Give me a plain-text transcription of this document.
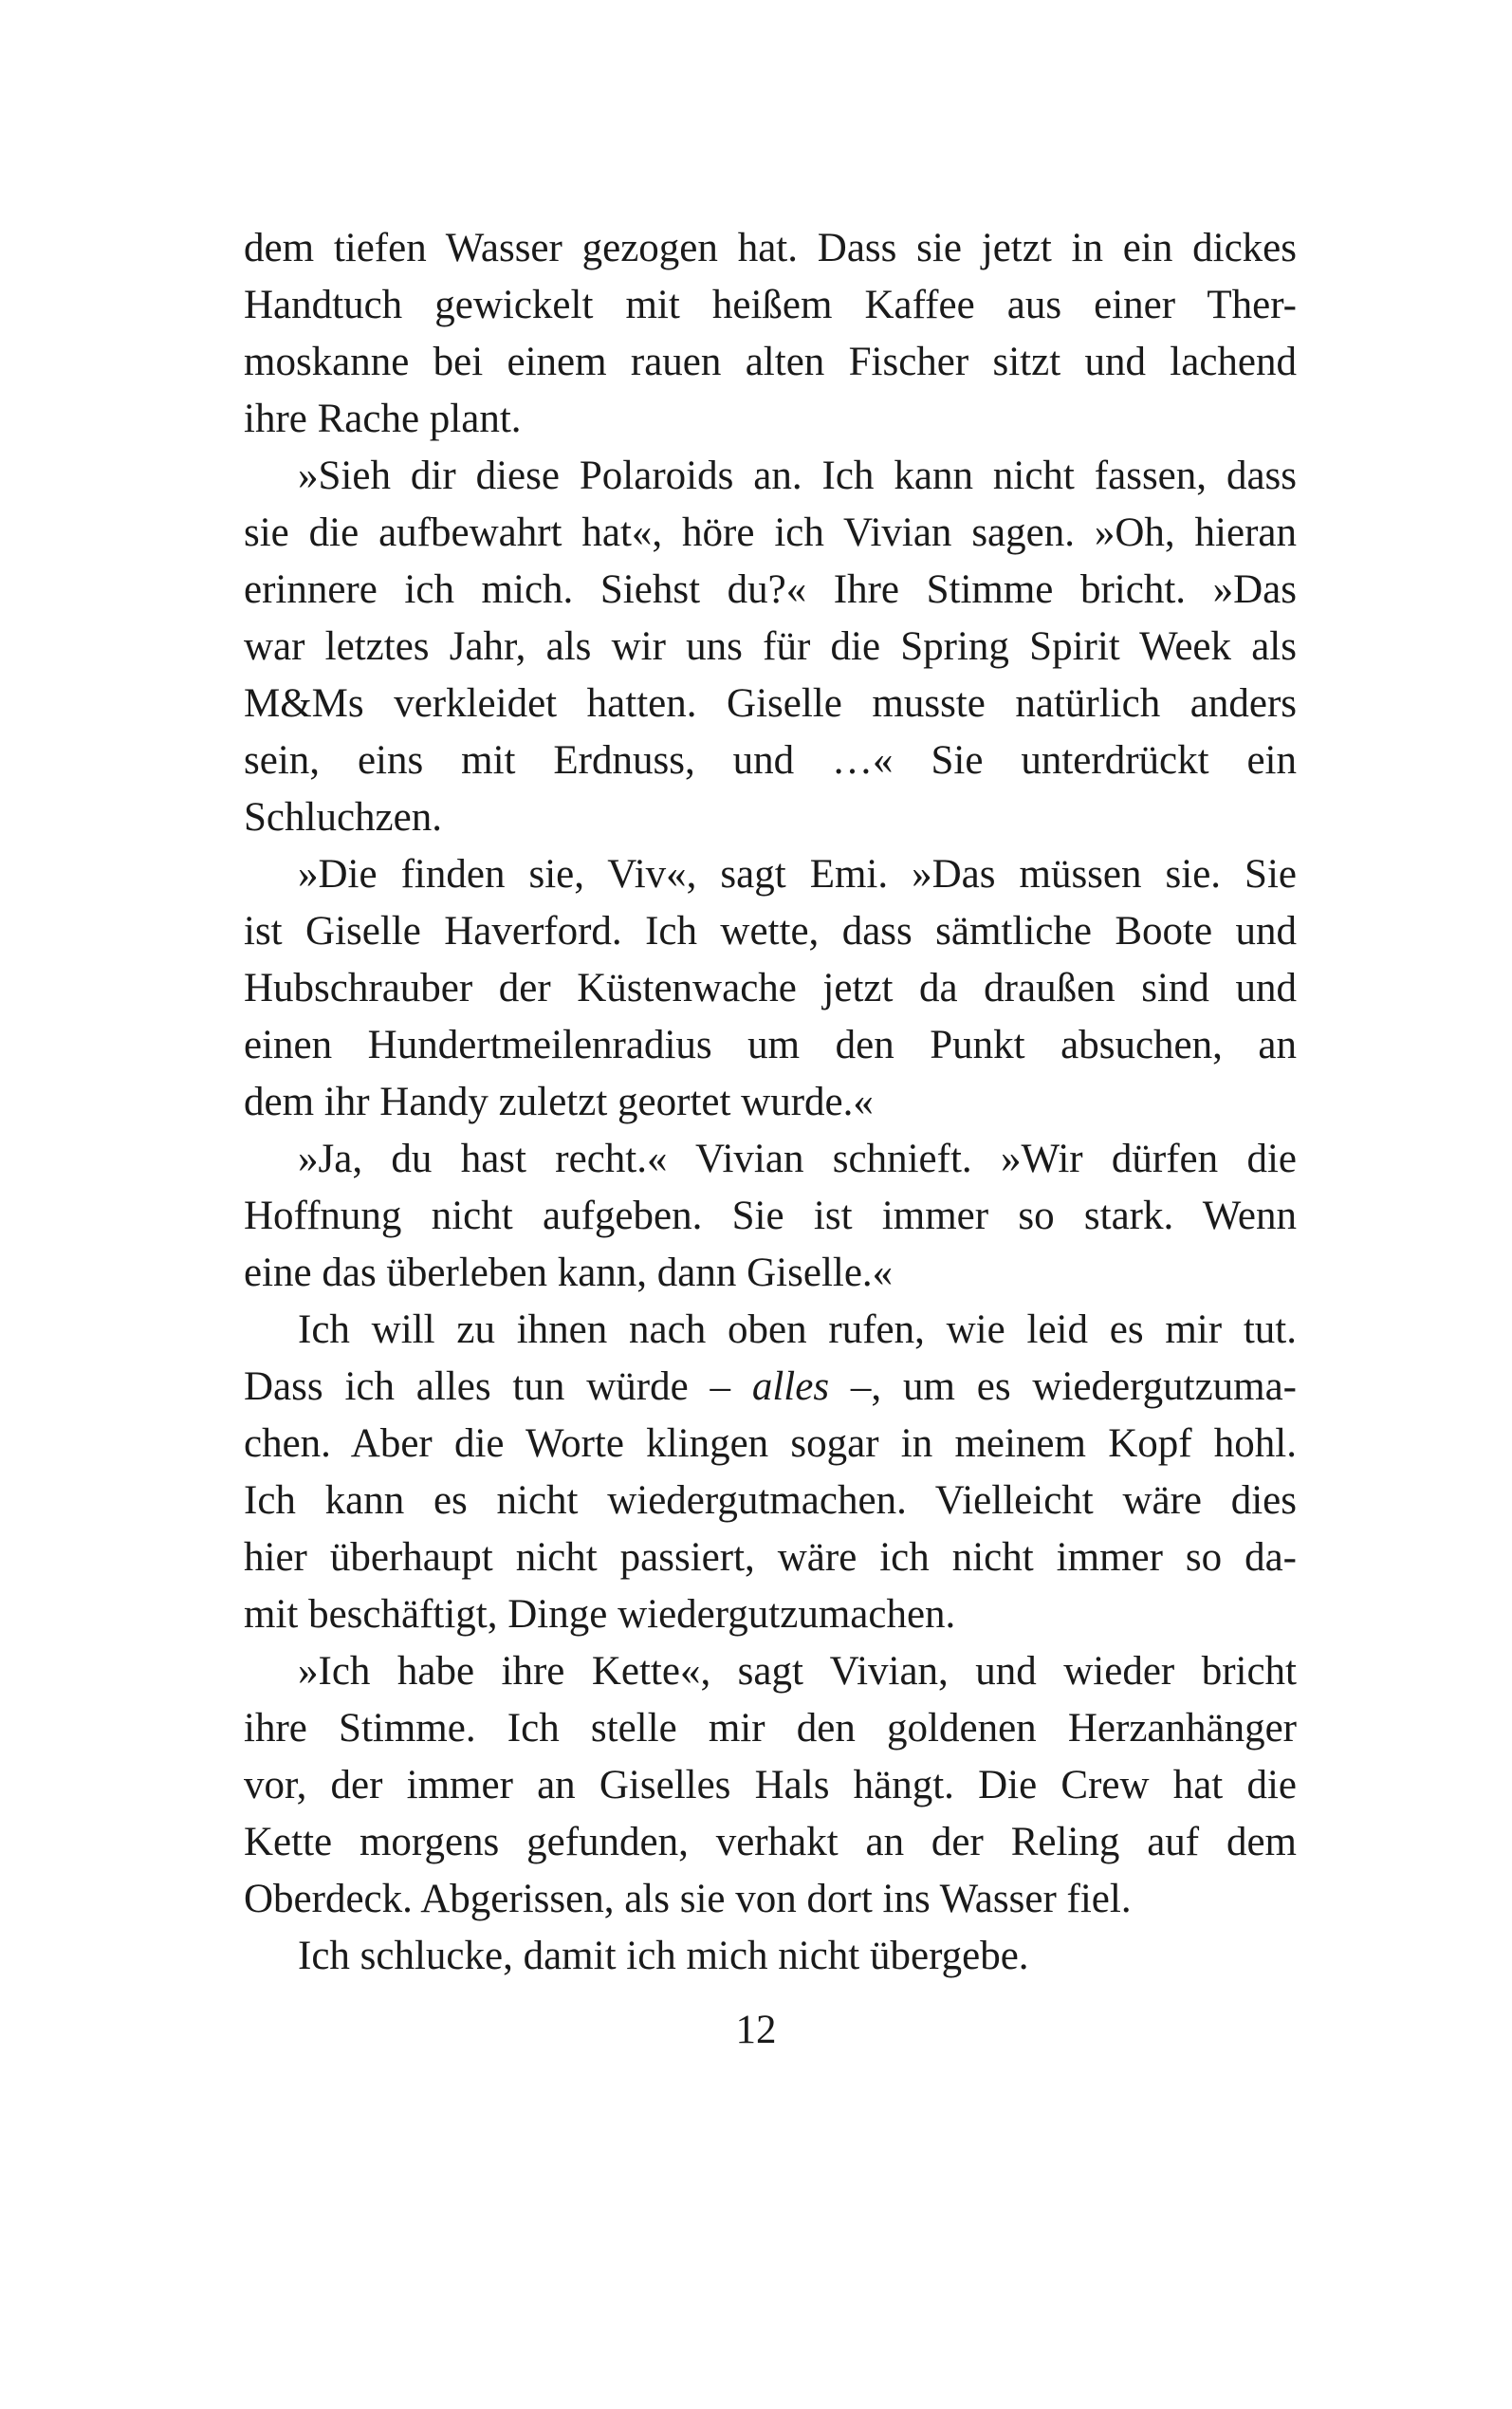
dem tiefen Wasser gezogen hat. Dass sie jetzt in ein dickes
Handtuch gewickelt mit heißem Kaffee aus einer Ther-
moskanne bei einem rauen alten Fischer sitzt und lachend
ihre Rache plant.
»Sieh dir diese Polaroids an. Ich kann nicht fassen, dass
sie die aufbewahrt hat«, höre ich Vivian sagen. »Oh, hieran
erinnere ich mich. Siehst du?« Ihre Stimme bricht. »Das
war letztes Jahr, als wir uns für die Spring Spirit Week als
M&Ms verkleidet hatten. Giselle musste natürlich anders
sein, eins mit Erdnuss, und …« Sie unterdrückt ein
Schluchzen.
»Die finden sie, Viv«, sagt Emi. »Das müssen sie. Sie
ist Giselle Haverford. Ich wette, dass sämtliche Boote und
Hubschrauber der Küstenwache jetzt da draußen sind und
einen Hundertmeilenradius um den Punkt absuchen, an
dem ihr Handy zuletzt geortet wurde.«
»Ja, du hast recht.« Vivian schnieft. »Wir dürfen die
Hoffnung nicht aufgeben. Sie ist immer so stark. Wenn
eine das überleben kann, dann Giselle.«
Ich will zu ihnen nach oben rufen, wie leid es mir tut.
Dass ich alles tun würde – alles –, um es wiedergutzuma-
chen. Aber die Worte klingen sogar in meinem Kopf hohl.
Ich kann es nicht wiedergutmachen. Vielleicht wäre dies
hier überhaupt nicht passiert, wäre ich nicht immer so da-
mit beschäftigt, Dinge wiedergutzumachen.
»Ich habe ihre Kette«, sagt Vivian, und wieder bricht
ihre Stimme. Ich stelle mir den goldenen Herzanhänger
vor, der immer an Giselles Hals hängt. Die Crew hat die
Kette morgens gefunden, verhakt an der Reling auf dem
Oberdeck. Abgerissen, als sie von dort ins Wasser fiel.
Ich schlucke, damit ich mich nicht übergebe.
12
